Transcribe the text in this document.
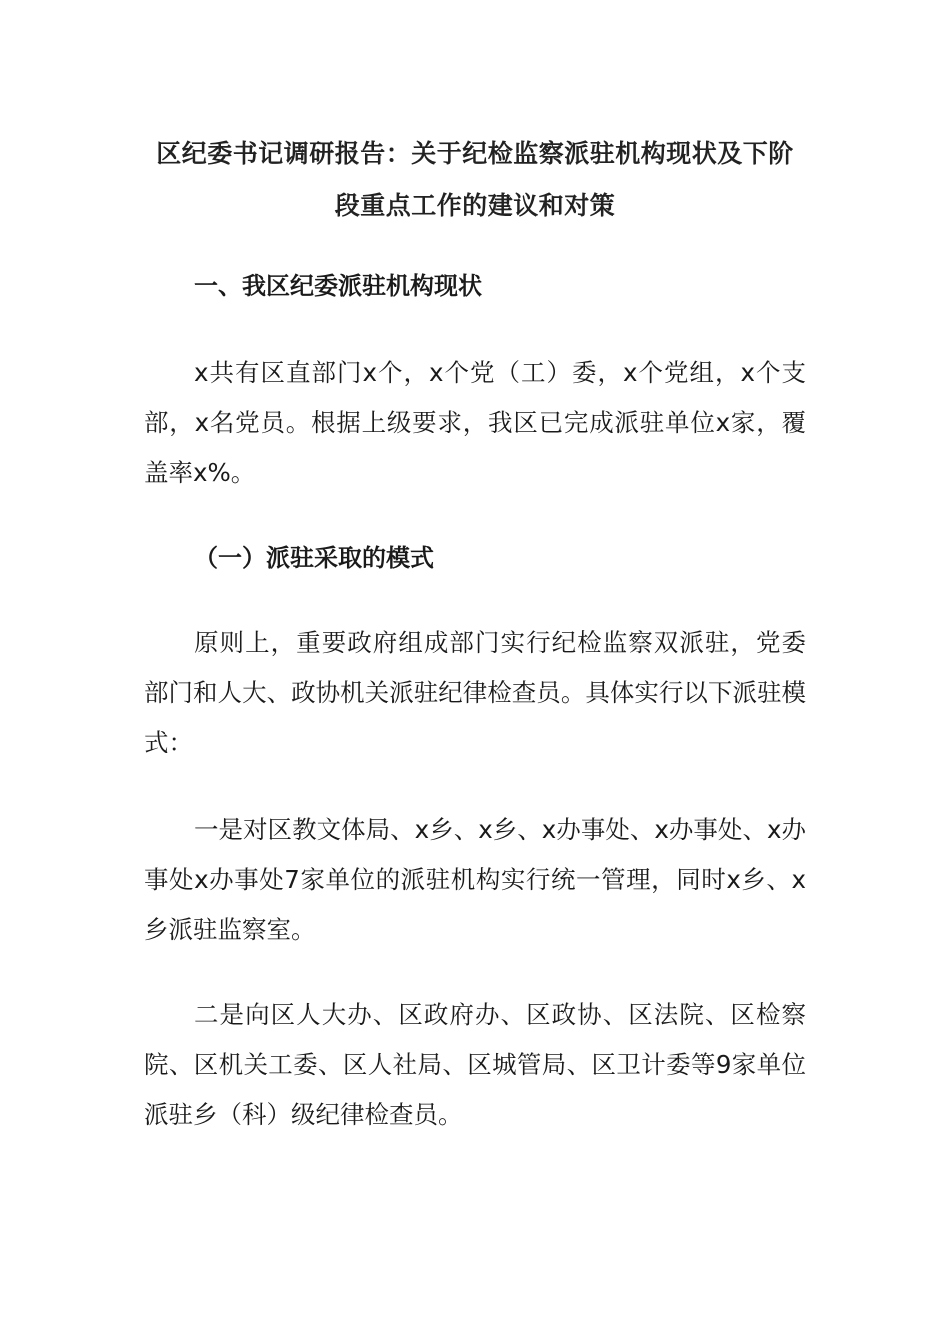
区纪委书记调研报告：关于纪检监察派驻机构现状及下阶段重点工作的建议和对策
一、我区纪委派驻机构现状

x共有区直部门x个，x个党（工）委，x个党组，x个支部，x名党员。根据上级要求，我区已完成派驻单位x家，覆盖率x%。

（一）派驻采取的模式

原则上，重要政府组成部门实行纪检监察双派驻，党委部门和人大、政协机关派驻纪律检查员。具体实行以下派驻模式：

一是对区教文体局、x乡、x乡、x办事处、x办事处、x办事处x办事处7家单位的派驻机构实行统一管理，同时x乡、x乡派驻监察室。

二是向区人大办、区政府办、区政协、区法院、区检察院、区机关工委、区人社局、区城管局、区卫计委等9家单位派驻乡（科）级纪律检查员。
